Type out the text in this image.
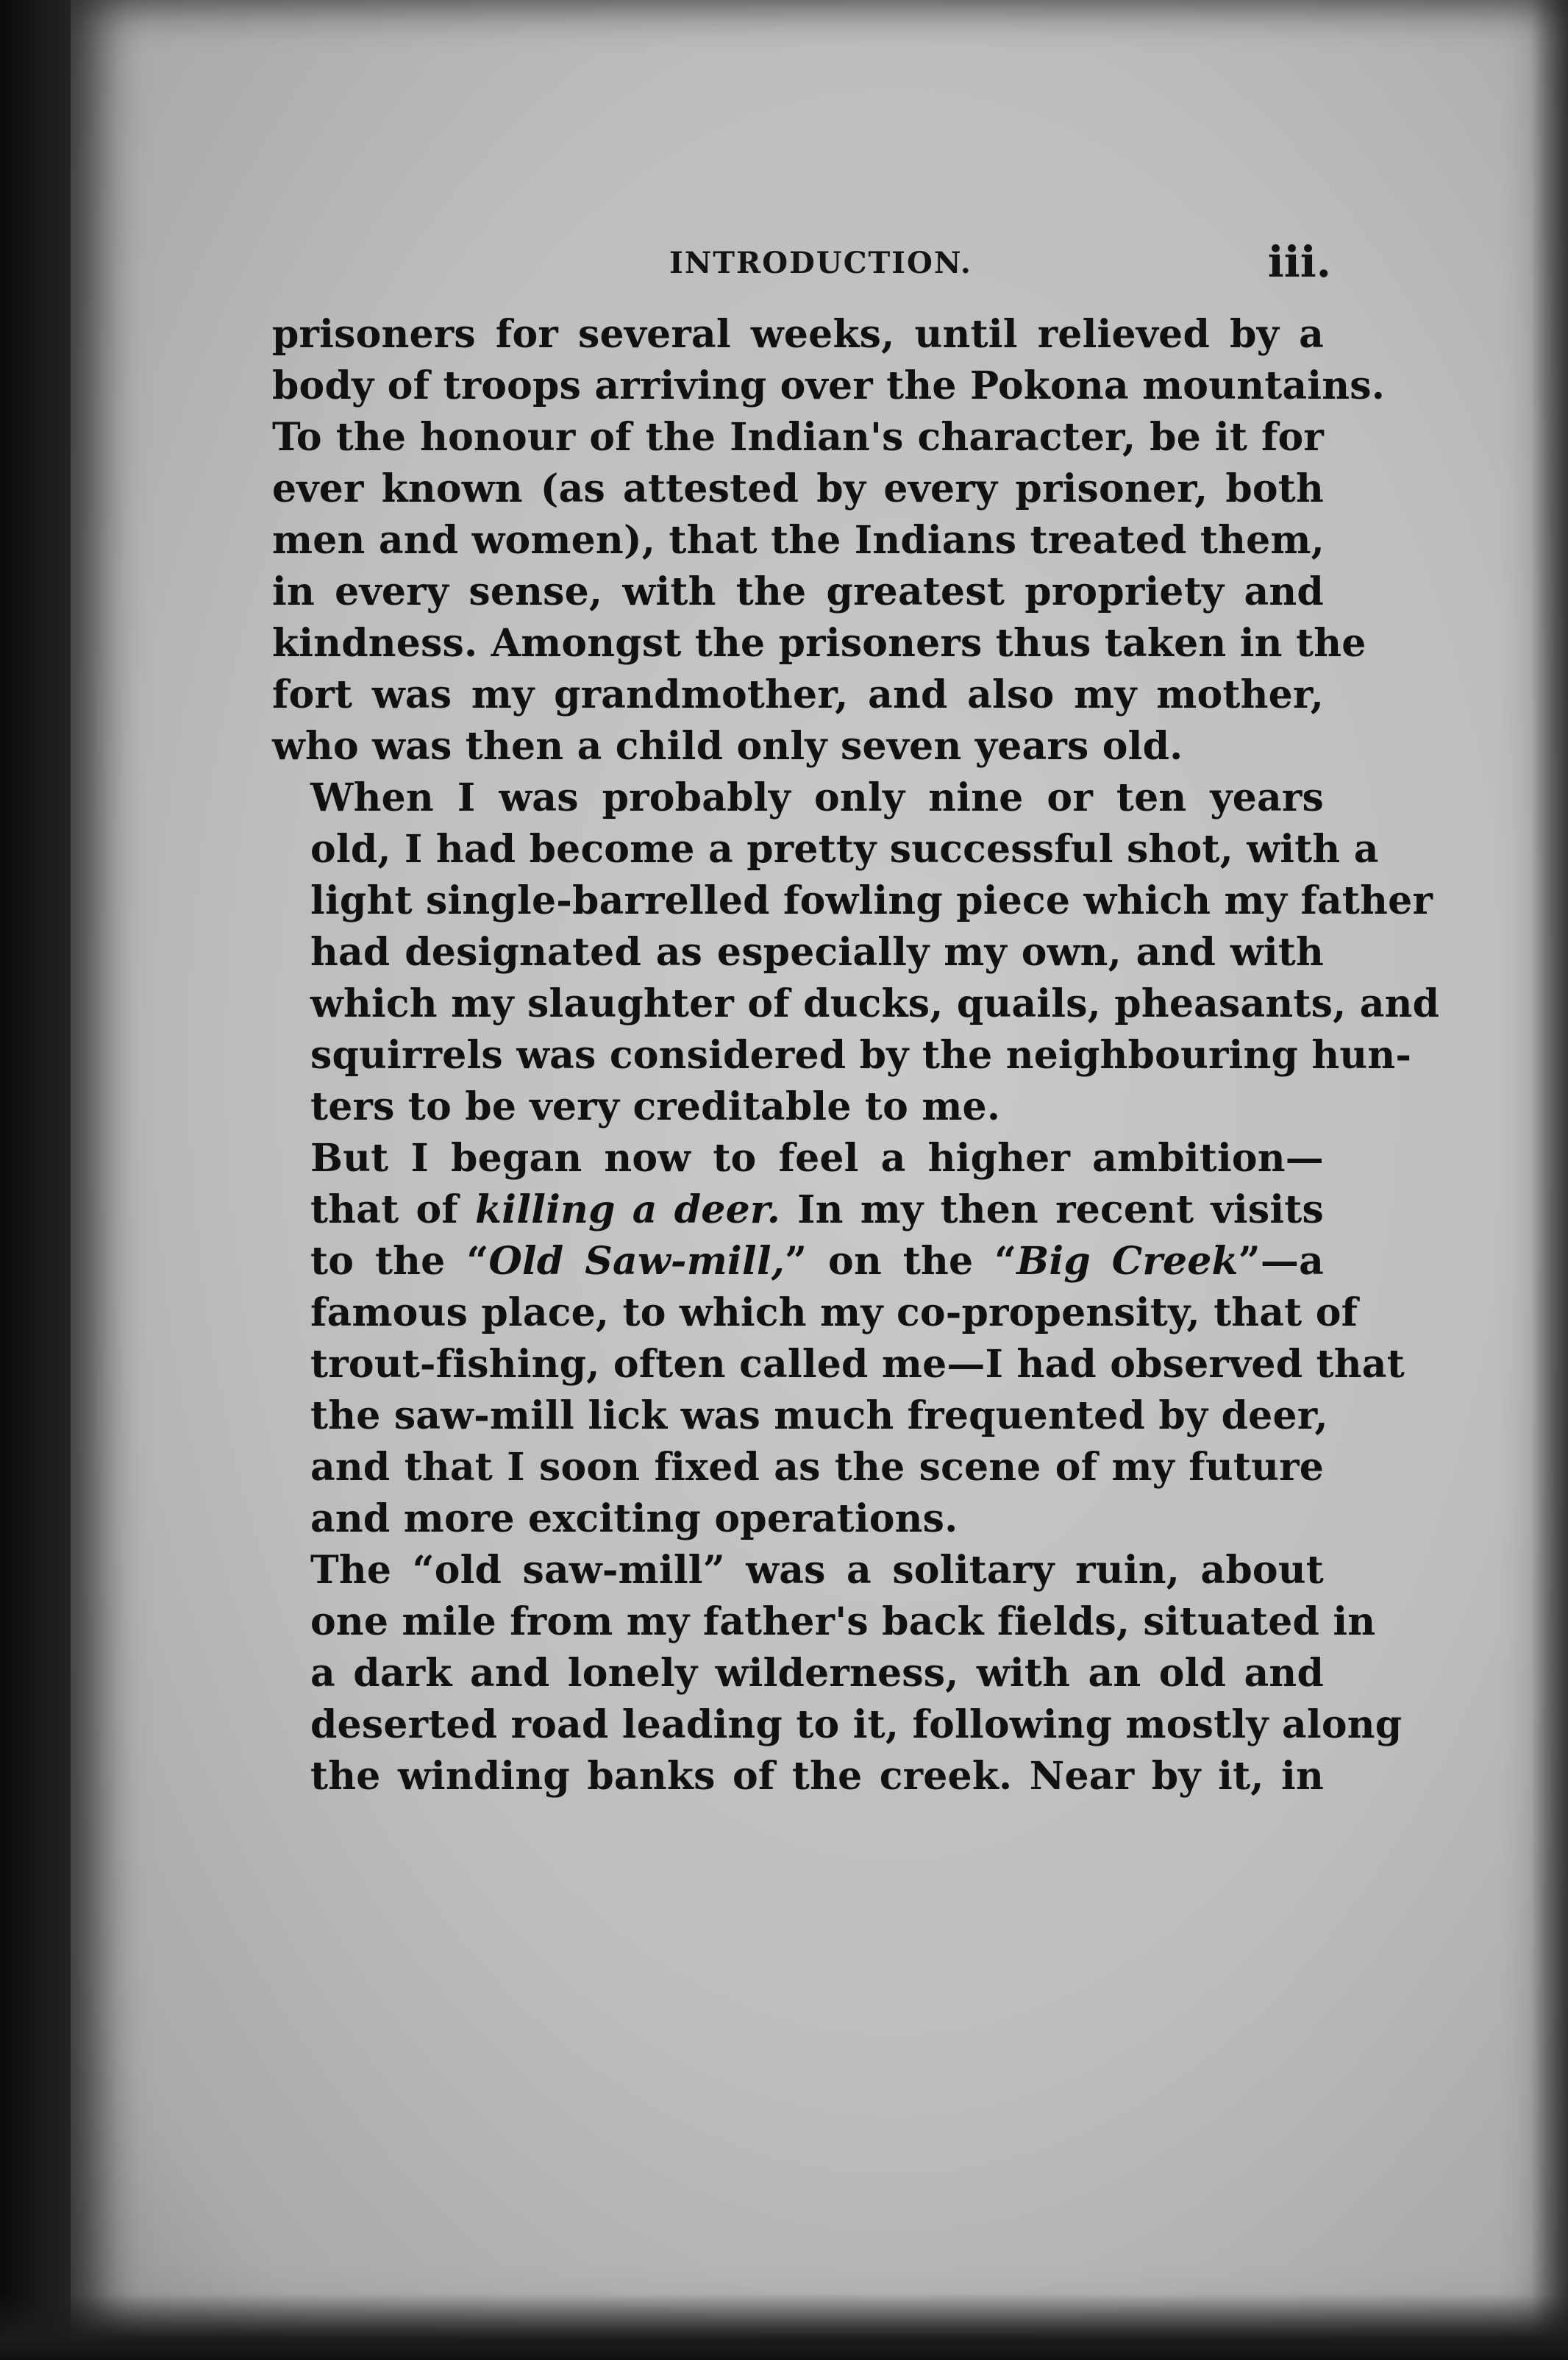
INTRODUCTION.	iii.

prisoners for several weeks, until relieved by a
body of troops arriving over the Pokona mountains.
To the honour of the Indian's character, be it for
ever known (as attested by every prisoner, both
men and women), that the Indians treated them,
in every sense, with the greatest propriety and
kindness. Amongst the prisoners thus taken in the
fort was my grandmother, and also my mother,
who was then a child only seven years old.

When I was probably only nine or ten years
old, I had become a pretty successful shot, with a
light single-barrelled fowling piece which my father
had designated as especially my own, and with
which my slaughter of ducks, quails, pheasants, and
squirrels was considered by the neighbouring hun-
ters to be very creditable to me.

But I began now to feel a higher ambition—
that of killing a deer. In my then recent visits
to the “Old Saw-mill,” on the “Big Creek”—a
famous place, to which my co-propensity, that of
trout-fishing, often called me—I had observed that
the saw-mill lick was much frequented by deer,
and that I soon fixed as the scene of my future
and more exciting operations.

The “old saw-mill” was a solitary ruin, about
one mile from my father's back fields, situated in
a dark and lonely wilderness, with an old and
deserted road leading to it, following mostly along
the winding banks of the creek. Near by it, in
